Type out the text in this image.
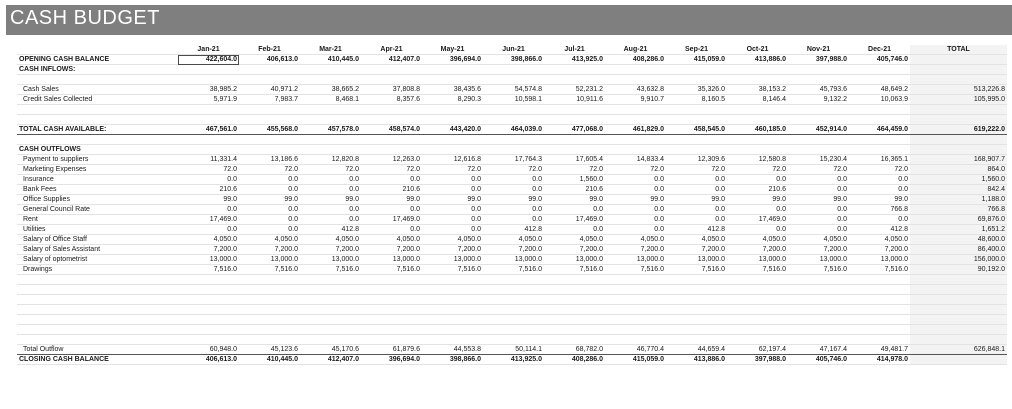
CASH BUDGET
	Jan-21	Feb-21	Mar-21	Apr-21	May-21	Jun-21	Jul-21	Aug-21	Sep-21	Oct-21	Nov-21	Dec-21	TOTAL
OPENING CASH BALANCE	422,604.0	406,613.0	410,445.0	412,407.0	396,694.0	398,866.0	413,925.0	408,286.0	415,059.0	413,886.0	397,988.0	405,746.0	
CASH INFLOWS:													

Cash Sales	38,985.2	40,971.2	38,665.2	37,808.8	38,435.6	54,574.8	52,231.2	43,632.8	35,326.0	38,153.2	45,793.6	48,649.2	513,226.8
Credit Sales Collected	5,971.9	7,983.7	8,468.1	8,357.6	8,290.3	10,598.1	10,911.6	9,910.7	8,160.5	8,146.4	9,132.2	10,063.9	105,995.0

TOTAL CASH AVAILABLE:	467,561.0	455,568.0	457,578.0	458,574.0	443,420.0	464,039.0	477,068.0	461,829.0	458,545.0	460,185.0	452,914.0	464,459.0	619,222.0

CASH OUTFLOWS													
Payment to suppliers	11,331.4	13,186.6	12,820.8	12,263.0	12,616.8	17,764.3	17,605.4	14,833.4	12,309.6	12,580.8	15,230.4	16,365.1	168,907.7
Marketing Expenses	72.0	72.0	72.0	72.0	72.0	72.0	72.0	72.0	72.0	72.0	72.0	72.0	864.0
Insurance	0.0	0.0	0.0	0.0	0.0	0.0	1,560.0	0.0	0.0	0.0	0.0	0.0	1,560.0
Bank Fees	210.6	0.0	0.0	210.6	0.0	0.0	210.6	0.0	0.0	210.6	0.0	0.0	842.4
Office Supplies	99.0	99.0	99.0	99.0	99.0	99.0	99.0	99.0	99.0	99.0	99.0	99.0	1,188.0
General Council Rate	0.0	0.0	0.0	0.0	0.0	0.0	0.0	0.0	0.0	0.0	0.0	766.8	766.8
Rent	17,469.0	0.0	0.0	17,469.0	0.0	0.0	17,469.0	0.0	0.0	17,469.0	0.0	0.0	69,876.0
Utilities	0.0	0.0	412.8	0.0	0.0	412.8	0.0	0.0	412.8	0.0	0.0	412.8	1,651.2
Salary of Office Staff	4,050.0	4,050.0	4,050.0	4,050.0	4,050.0	4,050.0	4,050.0	4,050.0	4,050.0	4,050.0	4,050.0	4,050.0	48,600.0
Salary of Sales Assistant	7,200.0	7,200.0	7,200.0	7,200.0	7,200.0	7,200.0	7,200.0	7,200.0	7,200.0	7,200.0	7,200.0	7,200.0	86,400.0
Salary of optometrist	13,000.0	13,000.0	13,000.0	13,000.0	13,000.0	13,000.0	13,000.0	13,000.0	13,000.0	13,000.0	13,000.0	13,000.0	156,000.0
Drawings	7,516.0	7,516.0	7,516.0	7,516.0	7,516.0	7,516.0	7,516.0	7,516.0	7,516.0	7,516.0	7,516.0	7,516.0	90,192.0

Total Outflow	60,948.0	45,123.6	45,170.6	61,879.6	44,553.8	50,114.1	68,782.0	46,770.4	44,659.4	62,197.4	47,167.4	49,481.7	626,848.1
CLOSING CASH BALANCE	406,613.0	410,445.0	412,407.0	396,694.0	398,866.0	413,925.0	408,286.0	415,059.0	413,886.0	397,988.0	405,746.0	414,978.0	
